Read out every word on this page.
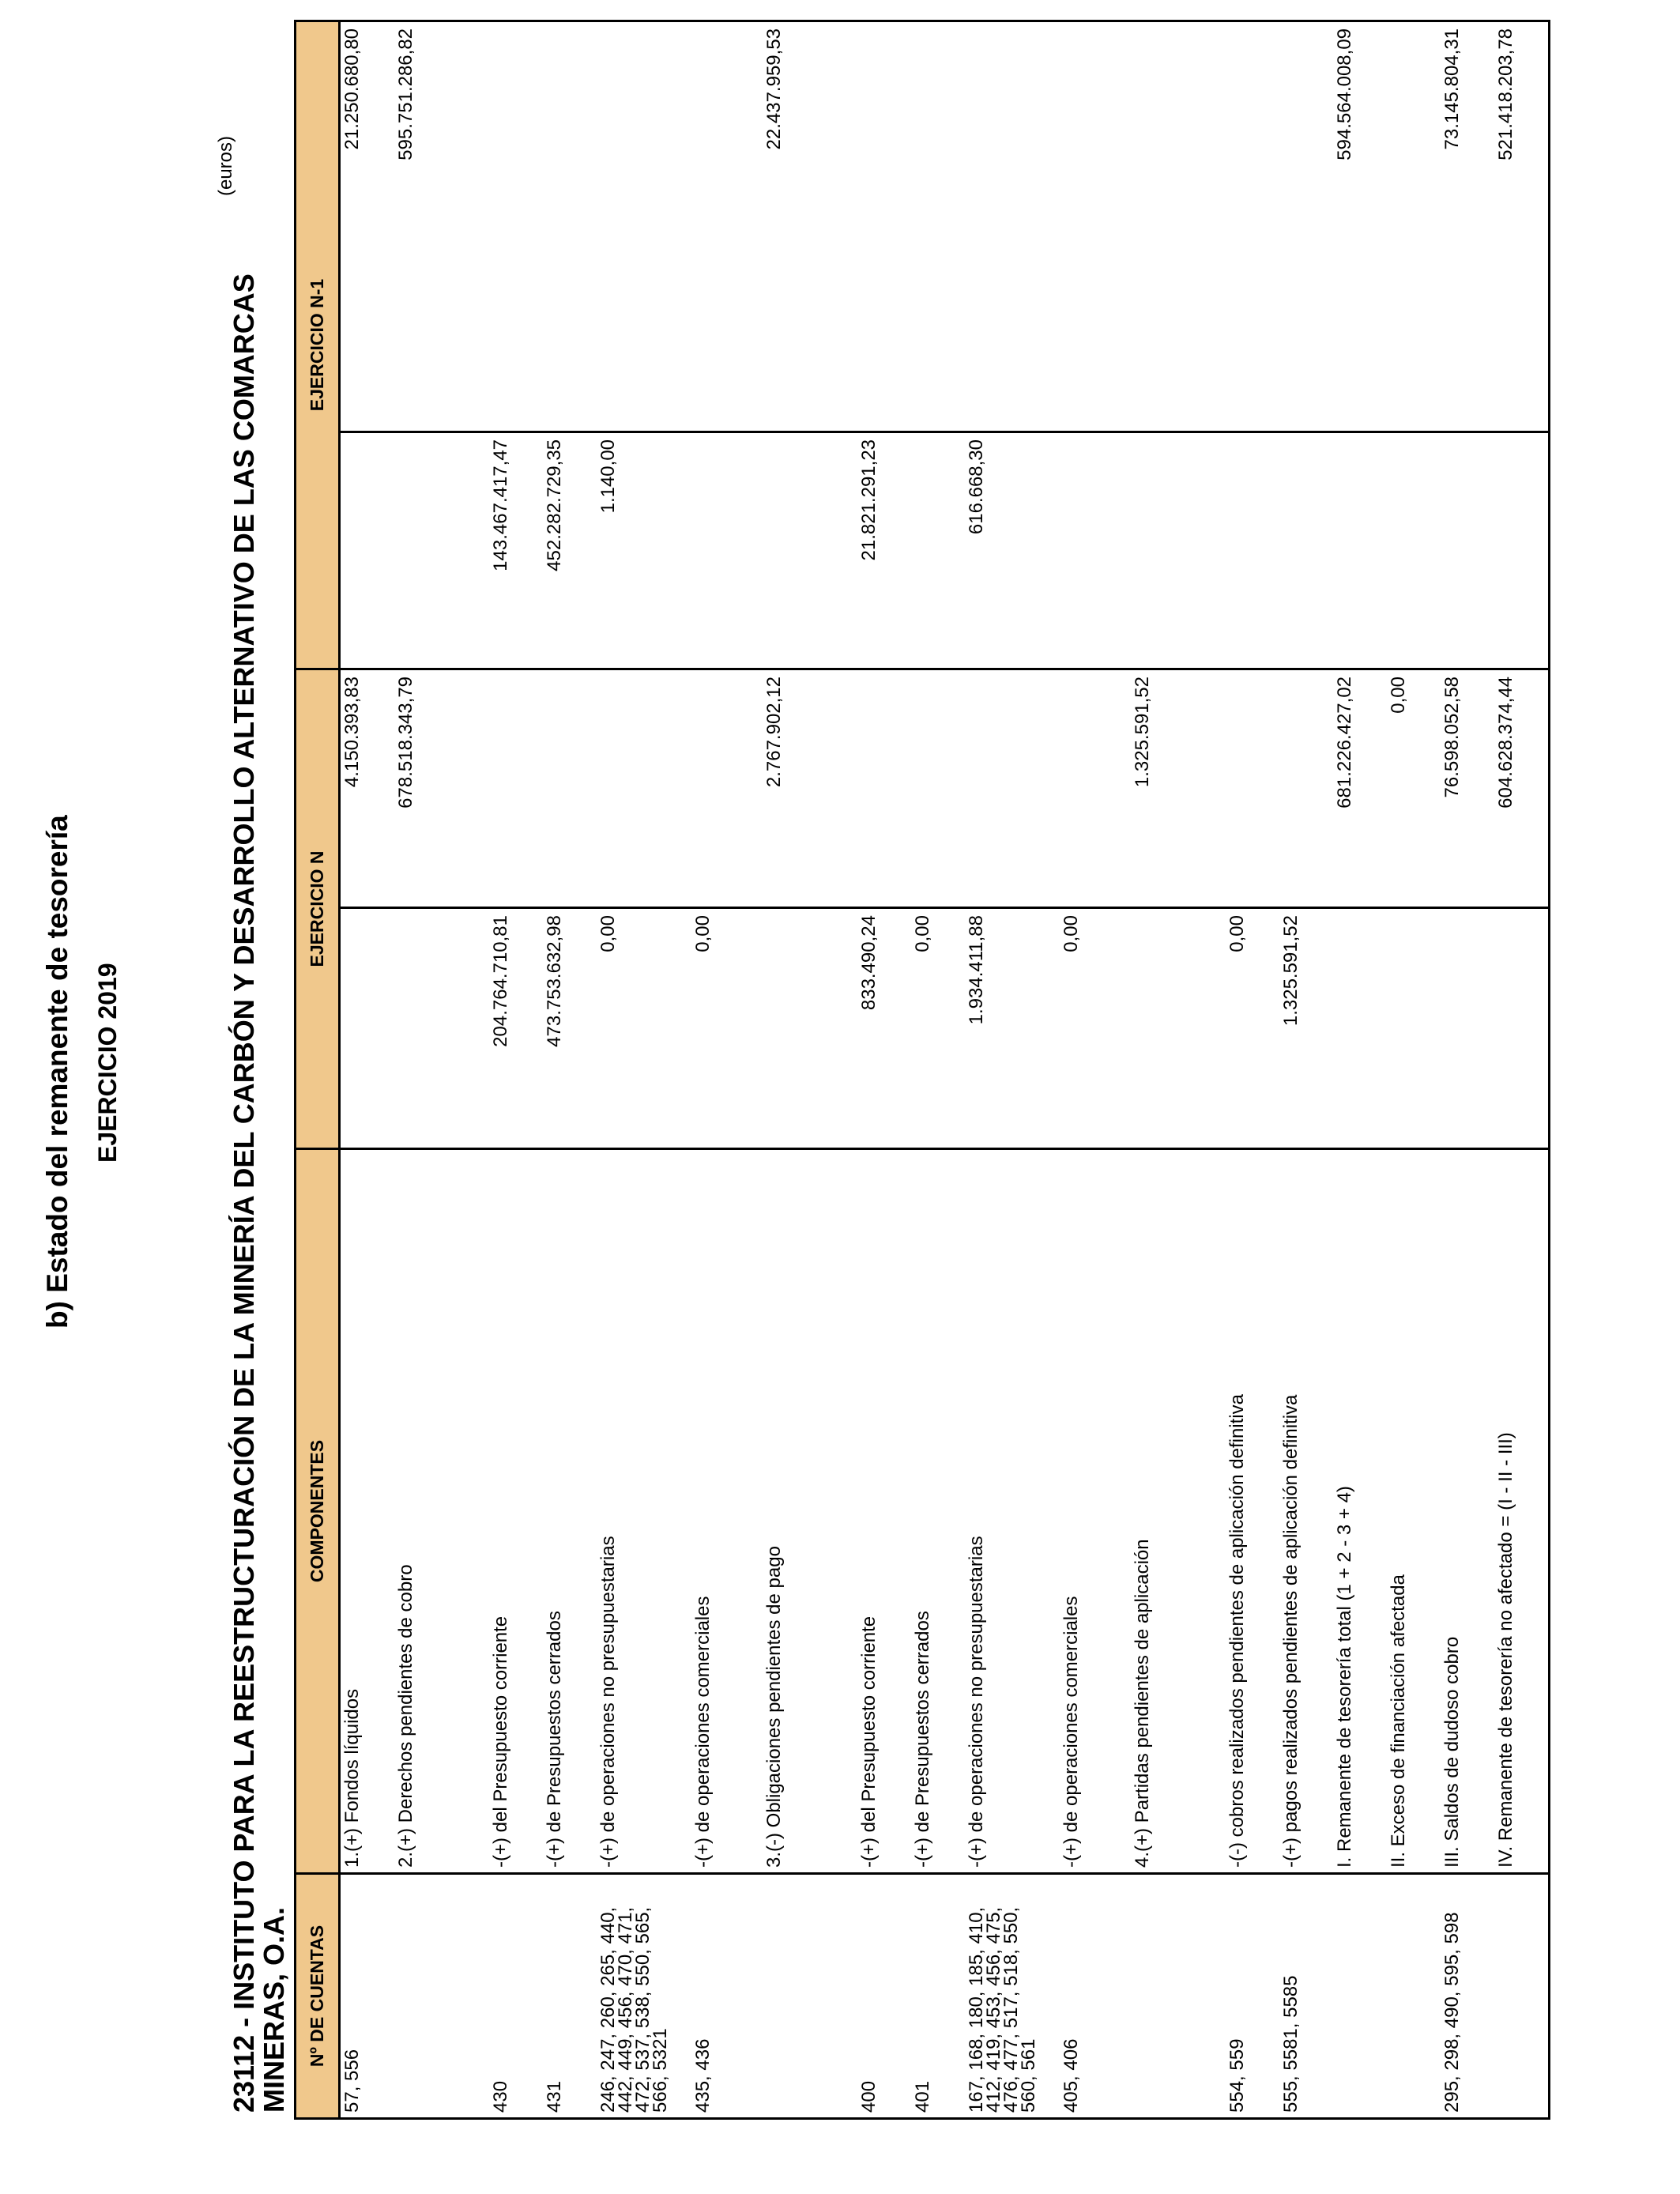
b) Estado del remanente de tesorería EJERCICIO 2019	23112 - INSTITUTO PARA LA REESTRUCTURACIÓN DE LA MINERÍA DEL CARBÓN Y DESARROLLO ALTERNATIVO DE LAS COMARCAS
MINERAS, O.A.
(euros)
Nº DE CUENTAS	COMPONENTES	EJERCICIO N		EJERCICIO N-1	
57, 556	1.(+) Fondos líquidos		4.150.393,83		21.250.680,80
	2.(+) Derechos pendientes de cobro		678.518.343,79		595.751.286,82
430	-(+) del Presupuesto corriente	204.764.710,81		143.467.417,47	
431	-(+) de Presupuestos cerrados	473.753.632,98		452.282.729,35	
246, 247, 260, 265, 440, 442, 449, 456, 470, 471, 472, 537, 538, 550, 565, 566, 5321	-(+) de operaciones no presupuestarias	0,00		1.140,00	
435, 436	-(+) de operaciones comerciales	0,00			
	3.(-) Obligaciones pendientes de pago		2.767.902,12		22.437.959,53
400	-(+) del Presupuesto corriente	833.490,24		21.821.291,23	
401	-(+) de Presupuestos cerrados	0,00			
167, 168, 180, 185, 410, 412, 419, 453, 456, 475, 476, 477, 517, 518, 550, 560, 561	-(+) de operaciones no presupuestarias	1.934.411,88		616.668,30	
405, 406	-(+) de operaciones comerciales	0,00			
	4.(+) Partidas pendientes de aplicación		1.325.591,52		
554, 559	-(-) cobros realizados pendientes de aplicación definitiva	0,00			
555, 5581, 5585	-(+) pagos realizados pendientes de aplicación definitiva	1.325.591,52			
	I. Remanente de tesorería total (1 + 2 - 3 + 4)		681.226.427,02		594.564.008,09
	II. Exceso de financiación afectada		0,00		
295, 298, 490, 595, 598	III. Saldos de dudoso cobro		76.598.052,58		73.145.804,31
	IV. Remanente de tesorería no afectado = (I - II - III)		604.628.374,44		521.418.203,78
